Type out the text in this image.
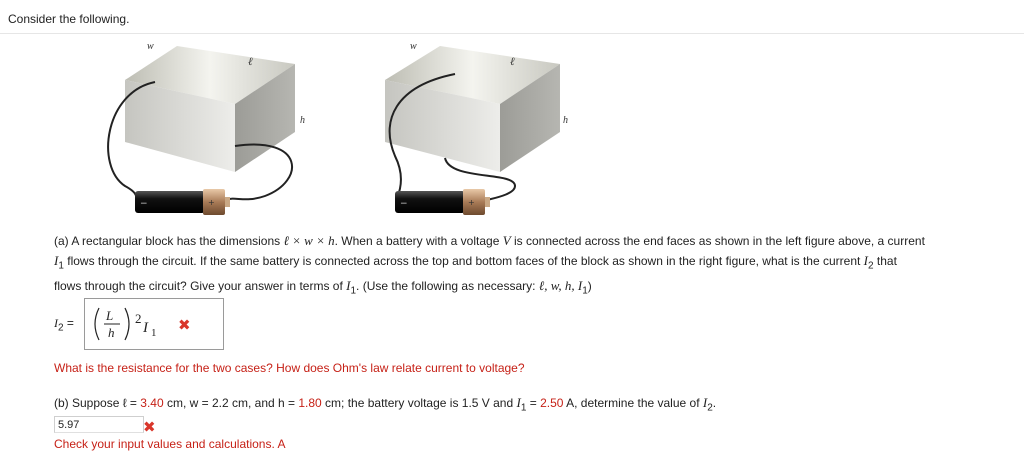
Consider the following.
−	+
w
ℓ
h
−	+
w
ℓ
h
(a) A rectangular block has the dimensions ℓ × w × h. When a battery with a voltage V is connected across the end faces as shown in the left figure above, a current
$I_1$ flows through the circuit. If the same battery is connected across the top and bottom faces of the block as shown in the right figure, what is the current $I_2$ that
flows through the circuit? Give your answer in terms of $I_1$. (Use the following as necessary: ℓ, w, h, $I_1$)
$I_2 = L$
h
2
I 1 ✖
What is the resistance for the two cases? How does Ohm's law relate current to voltage?
(b) Suppose ℓ = 3.40 cm, w = 2.2 cm, and h = 1.80 cm; the battery voltage is 1.5 V and $I_1 = 2.50$ A, determine the value of $I_2$.
5.97
✖
Check your input values and calculations. A
